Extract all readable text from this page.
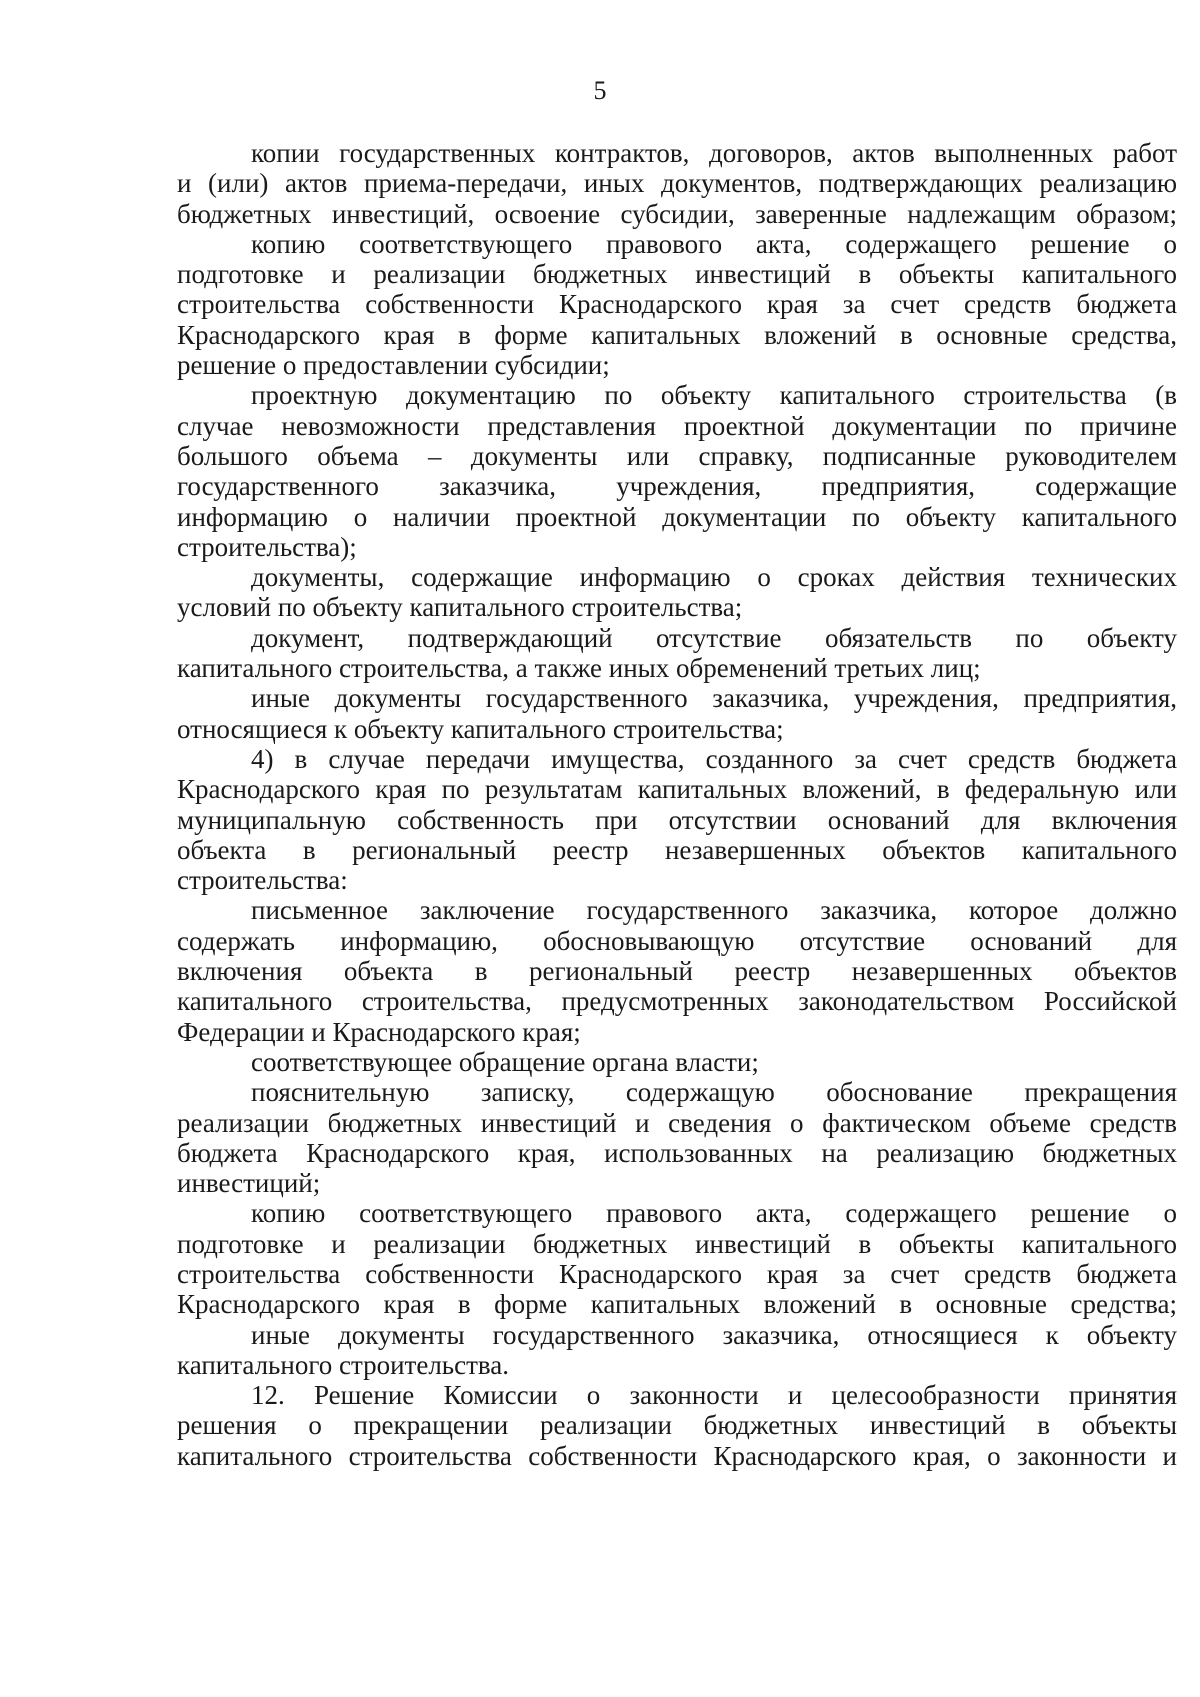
5
копии государственных контрактов, договоров, актов выполненных работ
и (или) актов приема-передачи, иных документов, подтверждающих реализацию
бюджетных инвестиций, освоение субсидии, заверенные надлежащим образом;
копию соответствующего правового акта, содержащего решение о
подготовке и реализации бюджетных инвестиций в объекты капитального
строительства собственности Краснодарского края за счет средств бюджета
Краснодарского края в форме капитальных вложений в основные средства,
решение о предоставлении субсидии;
проектную документацию по объекту капитального строительства (в
случае невозможности представления проектной документации по причине
большого объема – документы или справку, подписанные руководителем
государственного заказчика, учреждения, предприятия, содержащие
информацию о наличии проектной документации по объекту капитального
строительства);
документы, содержащие информацию о сроках действия технических
условий по объекту капитального строительства;
документ, подтверждающий отсутствие обязательств по объекту
капитального строительства, а также иных обременений третьих лиц;
иные документы государственного заказчика, учреждения, предприятия,
относящиеся к объекту капитального строительства;
4) в случае передачи имущества, созданного за счет средств бюджета
Краснодарского края по результатам капитальных вложений, в федеральную или
муниципальную собственность при отсутствии оснований для включения
объекта в региональный реестр незавершенных объектов капитального
строительства:
письменное заключение государственного заказчика, которое должно
содержать информацию, обосновывающую отсутствие оснований для
включения объекта в региональный реестр незавершенных объектов
капитального строительства, предусмотренных законодательством Российской
Федерации и Краснодарского края;
соответствующее обращение органа власти;
пояснительную записку, содержащую обоснование прекращения
реализации бюджетных инвестиций и сведения о фактическом объеме средств
бюджета Краснодарского края, использованных на реализацию бюджетных
инвестиций;
копию соответствующего правового акта, содержащего решение о
подготовке и реализации бюджетных инвестиций в объекты капитального
строительства собственности Краснодарского края за счет средств бюджета
Краснодарского края в форме капитальных вложений в основные средства;
иные документы государственного заказчика, относящиеся к объекту
капитального строительства.
12. Решение Комиссии о законности и целесообразности принятия
решения о прекращении реализации бюджетных инвестиций в объекты
капитального строительства собственности Краснодарского края, о законности и
